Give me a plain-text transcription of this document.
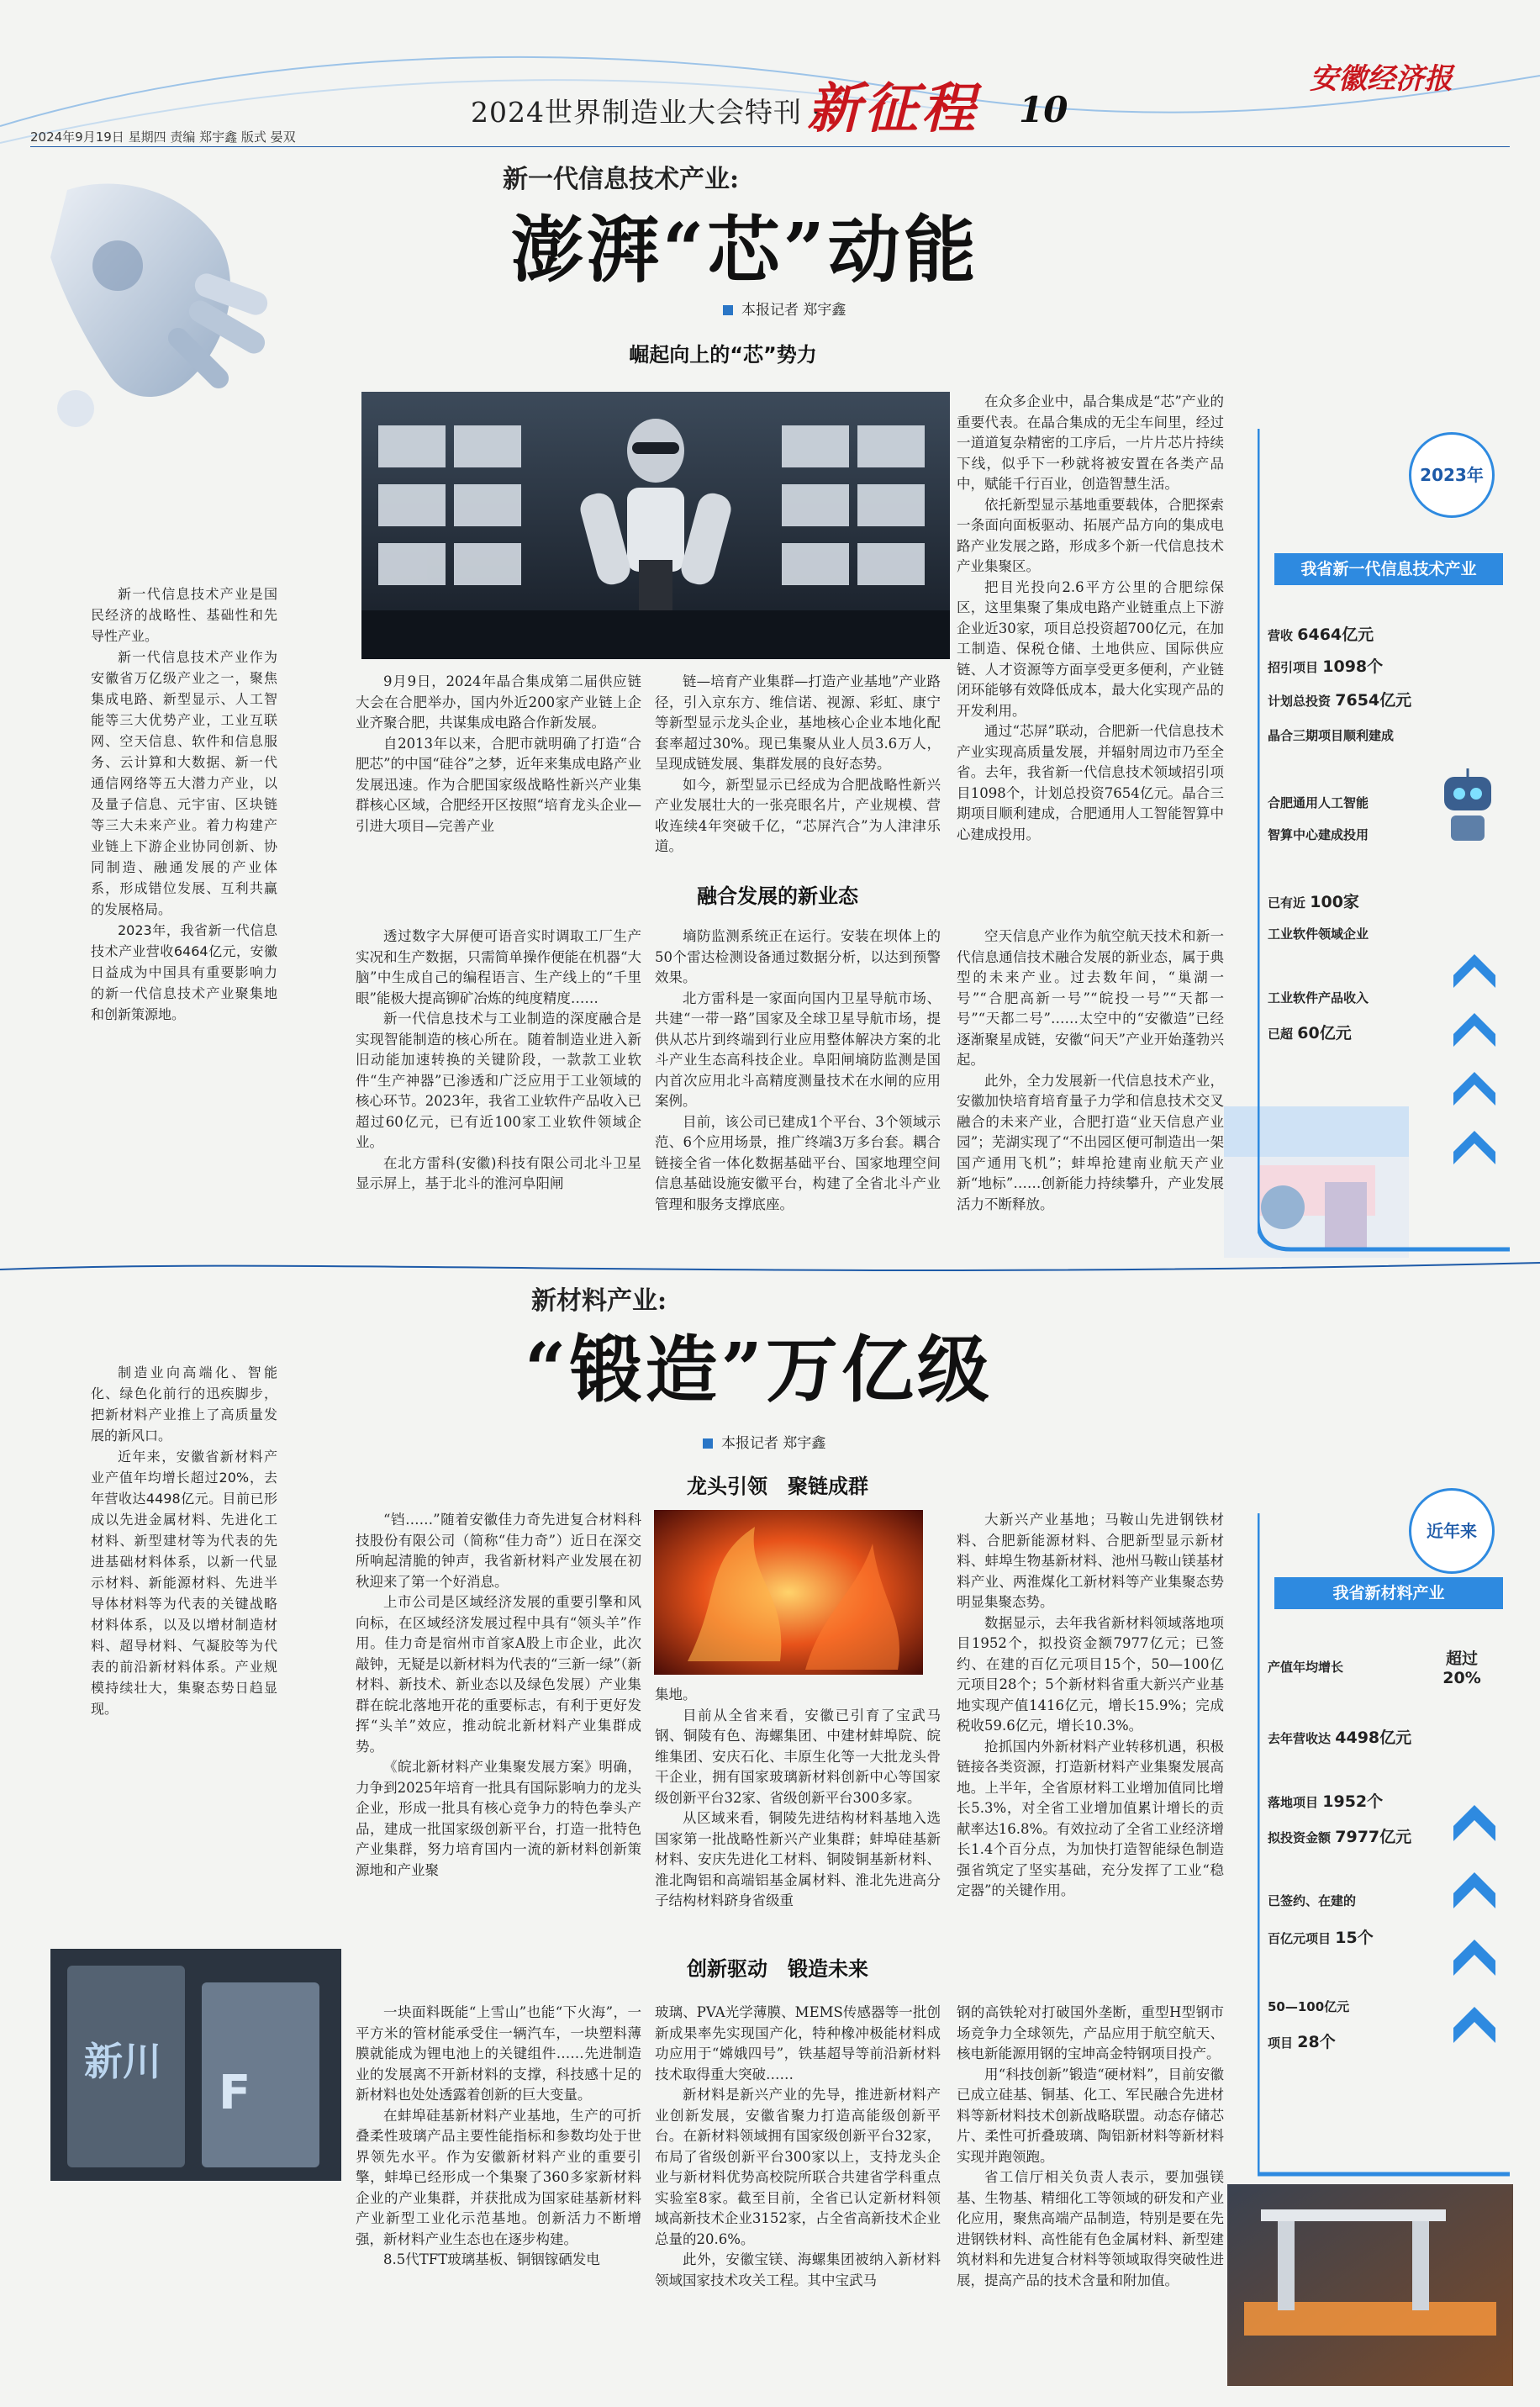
2024世界制造业大会特刊 ·
新征程 10
安徽经济报
2024年9月19日 星期四 责编 郑宇鑫 版式 晏双
新一代信息技术产业:
澎湃“芯”动能
本报记者 郑宇鑫
崛起向上的“芯”势力

新一代信息技术产业是国民经济的战略性、基础性和先导性产业。

新一代信息技术产业作为安徽省万亿级产业之一，聚焦集成电路、新型显示、人工智能等三大优势产业，工业互联网、空天信息、软件和信息服务、云计算和大数据、新一代通信网络等五大潜力产业，以及量子信息、元宇宙、区块链等三大未来产业。着力构建产业链上下游企业协同创新、协同制造、融通发展的产业体系，形成错位发展、互利共赢的发展格局。

2023年，我省新一代信息技术产业营收6464亿元，安徽日益成为中国具有重要影响力的新一代信息技术产业聚集地和创新策源地。

9月9日，2024年晶合集成第二届供应链大会在合肥举办，国内外近200家产业链上企业齐聚合肥，共谋集成电路合作新发展。

自2013年以来，合肥市就明确了打造“合肥芯”的中国“硅谷”之梦，近年来集成电路产业发展迅速。作为合肥国家级战略性新兴产业集群核心区域，合肥经开区按照“培育龙头企业—引进大项目—完善产业

链—培育产业集群—打造产业基地”产业路径，引入京东方、维信诺、视源、彩虹、康宁等新型显示龙头企业，基地核心企业本地化配套率超过30%。现已集聚从业人员3.6万人，呈现成链发展、集群发展的良好态势。

如今，新型显示已经成为合肥战略性新兴产业发展壮大的一张亮眼名片，产业规模、营收连续4年突破千亿，“芯屏汽合”为人津津乐道。

在众多企业中，晶合集成是“芯”产业的重要代表。在晶合集成的无尘车间里，经过一道道复杂精密的工序后，一片片芯片持续下线，似乎下一秒就将被安置在各类产品中，赋能千行百业，创造智慧生活。

依托新型显示基地重要载体，合肥探索一条面向面板驱动、拓展产品方向的集成电路产业发展之路，形成多个新一代信息技术产业集聚区。

把目光投向2.6平方公里的合肥综保区，这里集聚了集成电路产业链重点上下游企业近30家，项目总投资超700亿元，在加工制造、保税仓储、土地供应、国际供应链、人才资源等方面享受更多便利，产业链闭环能够有效降低成本，最大化实现产品的开发利用。

通过“芯屏”联动，合肥新一代信息技术产业实现高质量发展，并辐射周边市乃至全省。去年，我省新一代信息技术领域招引项目1098个，计划总投资7654亿元。晶合三期项目顺利建成，合肥通用人工智能智算中心建成投用。

融合发展的新业态

透过数字大屏便可语音实时调取工厂生产实况和生产数据，只需简单操作便能在机器“大脑”中生成自己的编程语言、生产线上的“千里眼”能极大提高铆矿冶炼的纯度精度……

新一代信息技术与工业制造的深度融合是实现智能制造的核心所在。随着制造业进入新旧动能加速转换的关键阶段，一款款工业软件“生产神器”已渗透和广泛应用于工业领域的核心环节。2023年，我省工业软件产品收入已超过60亿元，已有近100家工业软件领域企业。

在北方雷科(安徽)科技有限公司北斗卫星显示屏上，基于北斗的淮河阜阳闸

墒防监测系统正在运行。安装在坝体上的50个雷达检测设备通过数据分析，以达到预警效果。

北方雷科是一家面向国内卫星导航市场、共建“一带一路”国家及全球卫星导航市场，提供从芯片到终端到行业应用整体解决方案的北斗产业生态高科技企业。阜阳闸墒防监测是国内首次应用北斗高精度测量技术在水闸的应用案例。

目前，该公司已建成1个平台、3个领域示范、6个应用场景，推广终端3万多台套。耦合链接全省一体化数据基础平台、国家地理空间信息基础设施安徽平台，构建了全省北斗产业管理和服务支撑底座。

空天信息产业作为航空航天技术和新一代信息通信技术融合发展的新业态，属于典型的未来产业。过去数年间，“巢湖一号”“合肥高新一号”“皖投一号”“天都一号”“天都二号”……太空中的“安徽造”已经逐渐聚星成链，安徽“问天”产业开始蓬勃兴起。

此外，全力发展新一代信息技术产业，安徽加快培育培育量子力学和信息技术交叉融合的未来产业，合肥打造“业天信息产业园”；芜湖实现了“不出园区便可制造出一架国产通用飞机”；蚌埠抢建南业航天产业新“地标”……创新能力持续攀升，产业发展活力不断释放。

2023年
我省新一代信息技术产业
营收 6464亿元
招引项目 1098个
计划总投资 7654亿元
晶合三期项目顺利建成
合肥通用人工智能
智算中心建成投用
已有近 100家
工业软件领域企业
工业软件产品收入
已超 60亿元
新材料产业:
“锻造”万亿级
本报记者 郑宇鑫
龙头引领　聚链成群

制造业向高端化、智能化、绿色化前行的迅疾脚步，把新材料产业推上了高质量发展的新风口。

近年来，安徽省新材料产业产值年均增长超过20%，去年营收达4498亿元。目前已形成以先进金属材料、先进化工材料、新型建材等为代表的先进基础材料体系，以新一代显示材料、新能源材料、先进半导体材料等为代表的关键战略材料体系，以及以增材制造材料、超导材料、气凝胶等为代表的前沿新材料体系。产业规模持续壮大，集聚态势日趋显现。

“铛……”随着安徽佳力奇先进复合材料科技股份有限公司（简称“佳力奇”）近日在深交所响起清脆的钟声，我省新材料产业发展在初秋迎来了第一个好消息。

上市公司是区域经济发展的重要引擎和风向标，在区域经济发展过程中具有“领头羊”作用。佳力奇是宿州市首家A股上市企业，此次敲钟，无疑是以新材料为代表的“三新一绿”（新材料、新技术、新业态以及绿色发展）产业集群在皖北落地开花的重要标志，有利于更好发挥“头羊”效应，推动皖北新材料产业集群成势。

《皖北新材料产业集聚发展方案》明确，力争到2025年培育一批具有国际影响力的龙头企业，形成一批具有核心竞争力的特色拳头产品，建成一批国家级创新平台，打造一批特色产业集群，努力培育国内一流的新材料创新策源地和产业聚

集地。

目前从全省来看，安徽已引育了宝武马钢、铜陵有色、海螺集团、中建材蚌埠院、皖维集团、安庆石化、丰原生化等一大批龙头骨干企业，拥有国家玻璃新材料创新中心等国家级创新平台32家、省级创新平台300多家。

从区域来看，铜陵先进结构材料基地入选国家第一批战略性新兴产业集群；蚌埠硅基新材料、安庆先进化工材料、铜陵铜基新材料、淮北陶铝和高端铝基金属材料、淮北先进高分子结构材料跻身省级重

大新兴产业基地；马鞍山先进钢铁材料、合肥新能源材料、合肥新型显示新材料、蚌埠生物基新材料、池州马鞍山镁基材料产业、两淮煤化工新材料等产业集聚态势明显集聚态势。

数据显示，去年我省新材料领域落地项目1952个，拟投资金额7977亿元；已签约、在建的百亿元项目15个，50—100亿元项目28个；5个新材料省重大新兴产业基地实现产值1416亿元，增长15.9%；完成税收59.6亿元，增长10.3%。

抢抓国内外新材料产业转移机遇，积极链接各类资源，打造新材料产业集聚发展高地。上半年，全省原材料工业增加值同比增长5.3%，对全省工业增加值累计增长的贡献率达16.8%。有效拉动了全省工业经济增长1.4个百分点，为加快打造智能绿色制造强省筑定了坚实基础，充分发挥了工业“稳定器”的关键作用。

创新驱动　锻造未来
新川
F

一块面料既能“上雪山”也能“下火海”，一平方米的管材能承受住一辆汽车，一块塑料薄膜就能成为锂电池上的关键组件……先进制造业的发展离不开新材料的支撑，科技感十足的新材料也处处透露着创新的巨大变量。

在蚌埠硅基新材料产业基地，生产的可折叠柔性玻璃产品主要性能指标和参数均处于世界领先水平。作为安徽新材料产业的重要引擎，蚌埠已经形成一个集聚了360多家新材料企业的产业集群，并获批成为国家硅基新材料产业新型工业化示范基地。创新活力不断增强，新材料产业生态也在逐步构建。

8.5代TFT玻璃基板、铜铟镓硒发电

玻璃、PVA光学薄膜、MEMS传感器等一批创新成果率先实现国产化，特种橡冲极能材料成功应用于“嫦娥四号”，铁基超导等前沿新材料技术取得重大突破……

新材料是新兴产业的先导，推进新材料产业创新发展，安徽省聚力打造高能级创新平台。在新材料领域拥有国家级创新平台32家，布局了省级创新平台300家以上，支持龙头企业与新材料优势高校院所联合共建省学科重点实验室8家。截至目前，全省已认定新材料领域高新技术企业3152家，占全省高新技术企业总量的20.6%。

此外，安徽宝镁、海螺集团被纳入新材料领域国家技术攻关工程。其中宝武马

钢的高铁轮对打破国外垄断，重型H型钢市场竞争力全球领先，产品应用于航空航天、核电新能源用钢的宝坤高金特钢项目投产。

用“科技创新”锻造“硬材料”，目前安徽已成立硅基、铜基、化工、军民融合先进材料等新材料技术创新战略联盟。动态存储芯片、柔性可折叠玻璃、陶铝新材料等新材料实现并跑领跑。

省工信厅相关负责人表示，要加强镁基、生物基、精细化工等领域的研发和产业化应用，聚焦高端产品制造，特别是要在先进钢铁材料、高性能有色金属材料、新型建筑材料和先进复合材料等领域取得突破性进展，提高产品的技术含量和附加值。

近年来
我省新材料产业
产值年均增长	超过20%
去年营收达 4498亿元
落地项目 1952个
拟投资金额 7977亿元
已签约、在建的
百亿元项目 15个
50—100亿元
项目 28个
